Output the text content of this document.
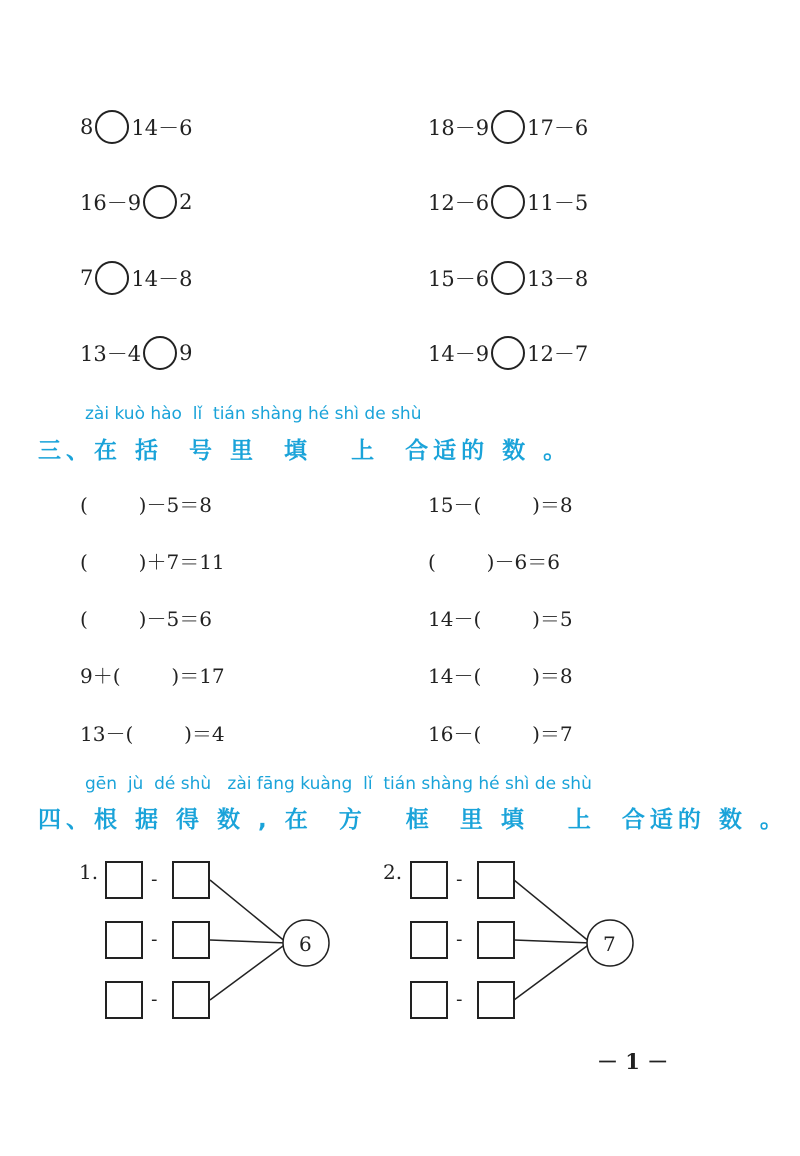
8 14－6
16－9 2
7 14－8
13－4 9
18－9 17－6
12－6 11－5
15－6 13－8
14－9 12－7
zài kuò hào  lǐ  tián shàng hé shì de shù
三、在 括  号 里  填   上  合适的 数 。
(        )－5＝8
(        )＋7＝11
(        )－5＝6
9＋(        )＝17
13－(        )＝4
15－(        )＝8
(        )－6＝6
14－(        )＝5
14－(        )＝8
16－(        )＝7
gēn  jù  dé shù   zài fāng kuàng  lǐ  tián shàng hé shì de shù
四、根 据 得 数 , 在  方   框  里 填   上  合适的 数 。
1.
6	7
-
-
-
2.	-
-
-
－ 1 －
